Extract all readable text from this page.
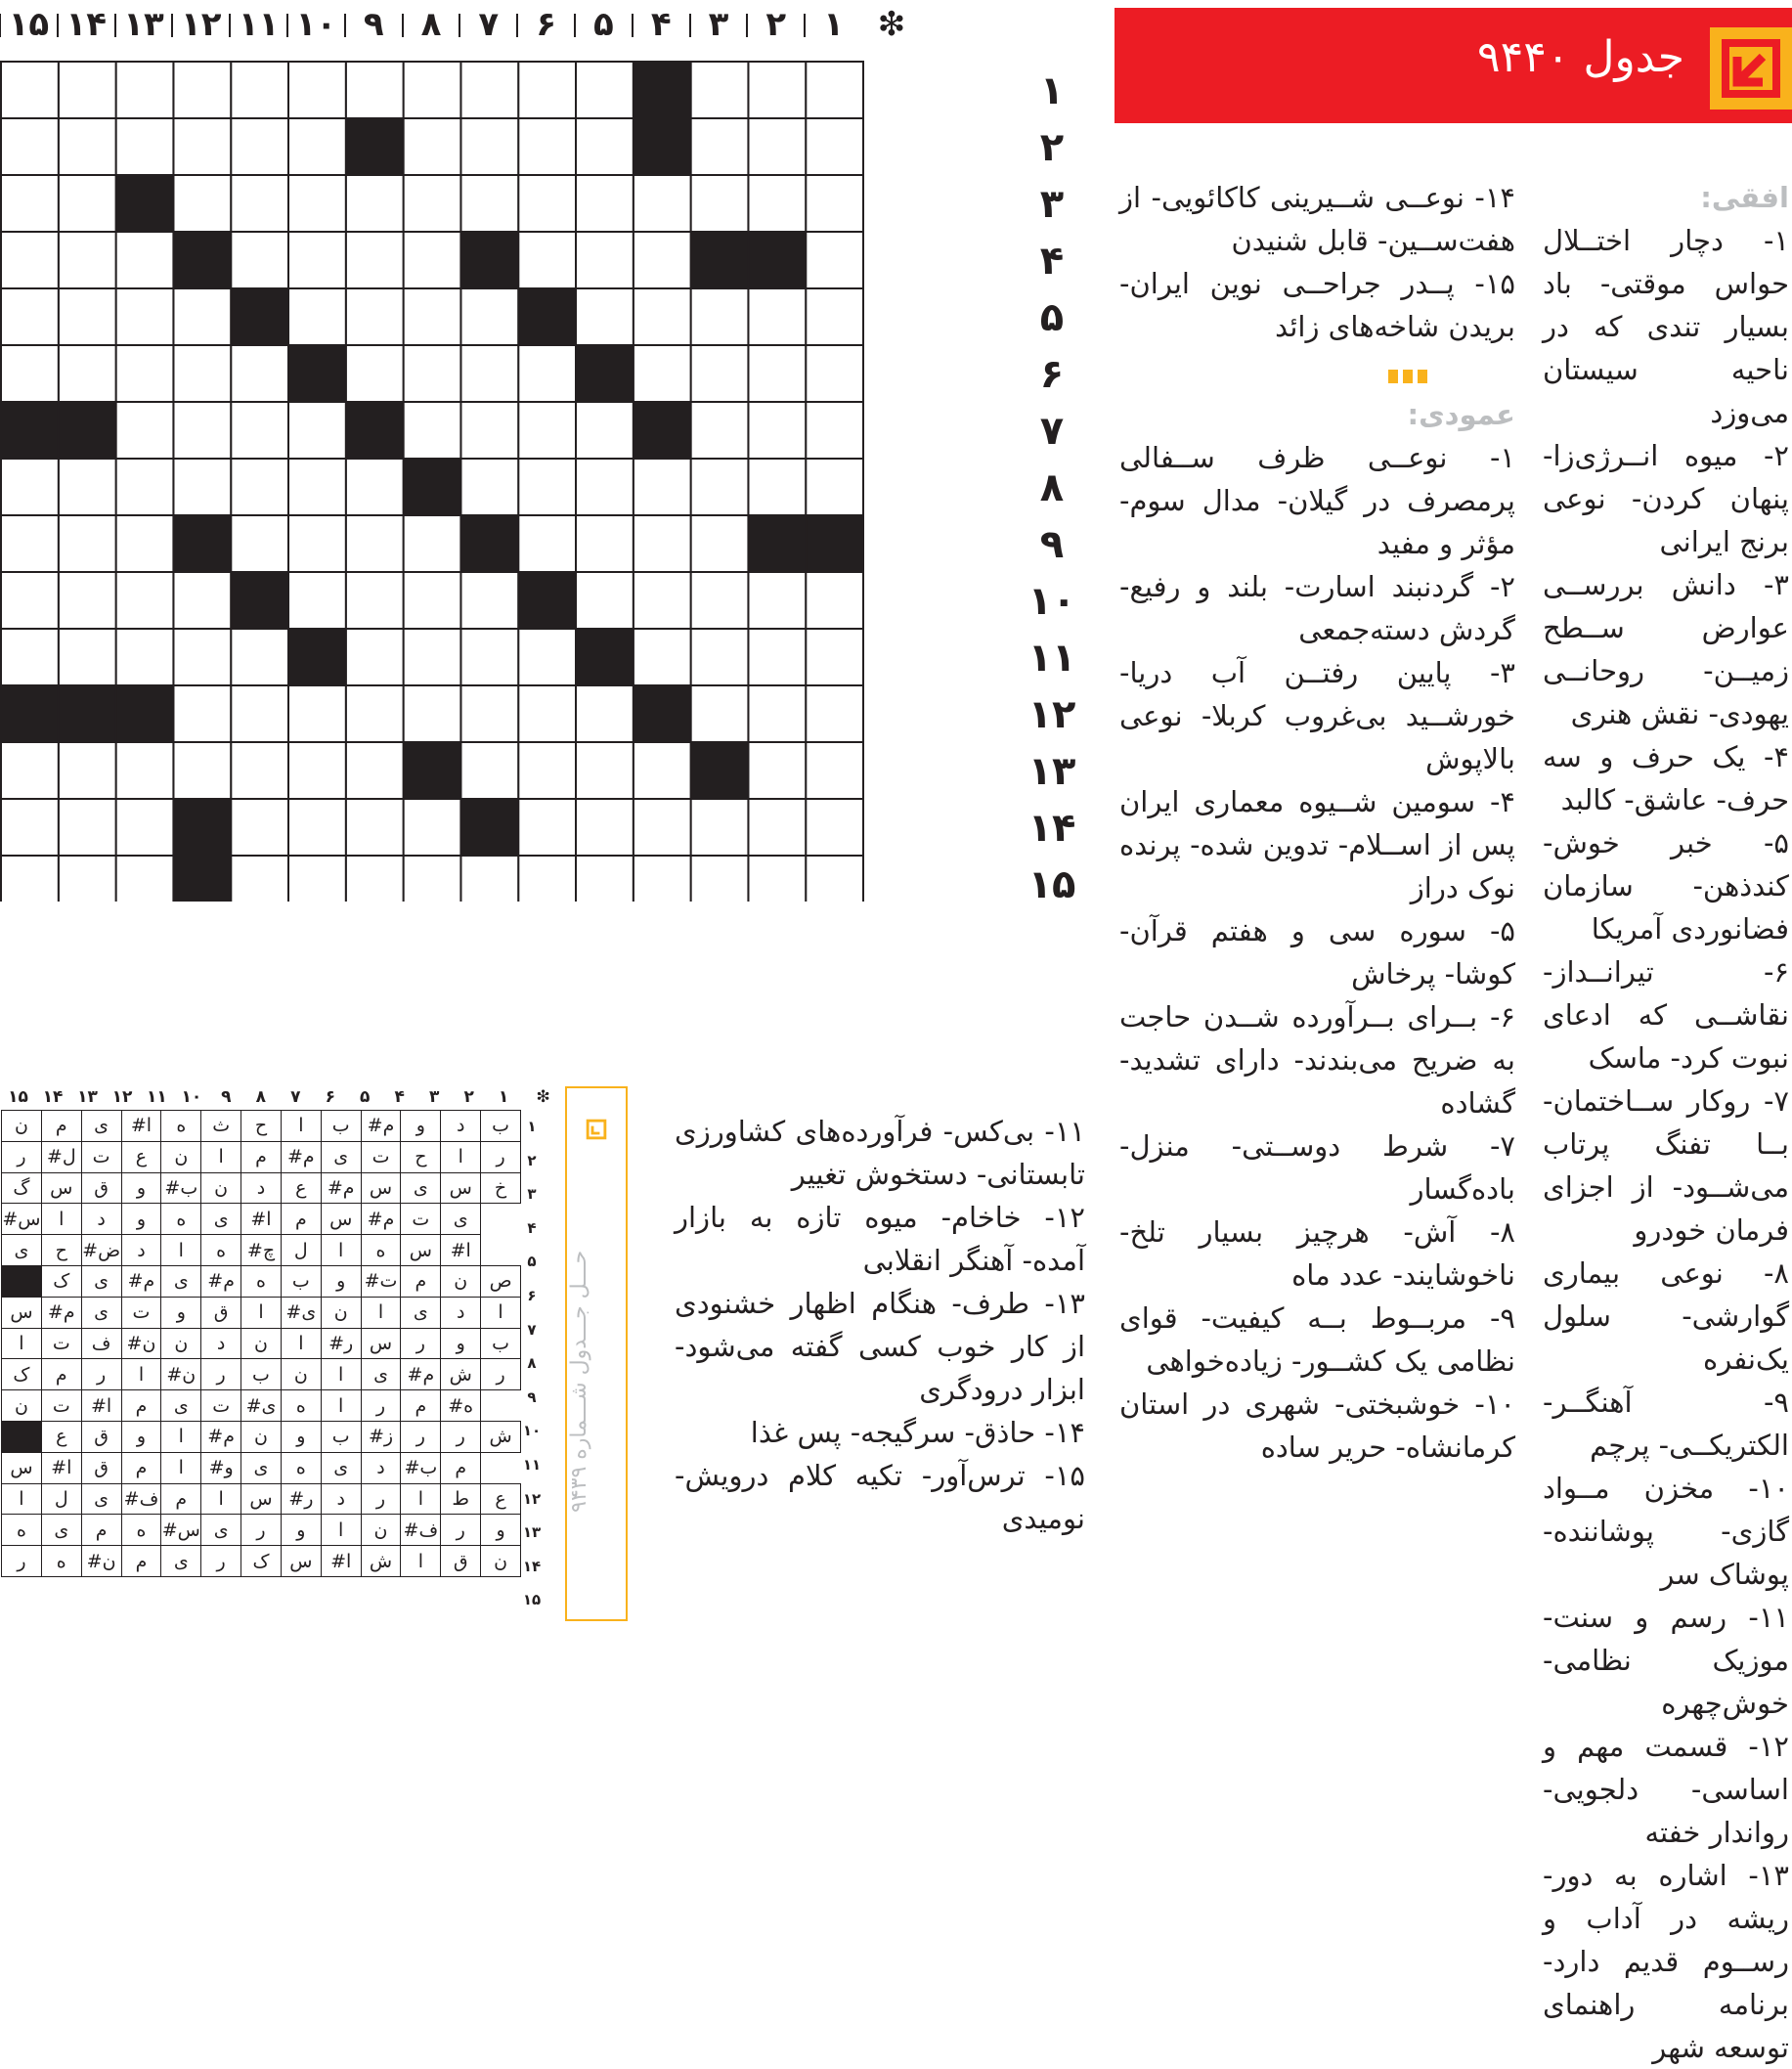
❇
۱
۲
۳
۴
۵
۶
۷
۸
۹
۱۰
۱۱
۱۲
۱۳
۱۴
۱۵
۱
۲
۳
۴
۵
۶
۷
۸
۹
۱۰
۱۱
۱۲
۱۳
۱۴
۱۵
جدول ۹۴۴۰

افقی:

۱- دچار اختــلال حواس موقتی- باد بسیار تندی که در ناحیه سیستان می‌وزد

۲- میوه انــرژی‌زا- پنهان کردن- نوعی برنج ایرانی

۳- دانش بررســی عوارض ســطح زمیــن- روحانــی یهودی- نقش هنری

۴- یک حرف و سه حرف- عاشق- کالبد

۵- خبر خوش- کندذهن- سازمان فضانوردی آمریکا

۶- تیرانــداز- نقاشــی که ادعای نبوت کرد- ماسک

۷- روکار ســاختمان- بــا تفنگ پرتاب می‌شــود- از اجزای فرمان خودرو

۸- نوعی بیماری گوارشی- سلول یک‌نفره

۹- آهنگــر- الکتریکــی- پرچم

۱۰- مخزن مــواد گازی- پوشاننده- پوشاک سر

۱۱- رسم و سنت- موزیک نظامی- خوش‌چهره

۱۲- قسمت مهم و اساسی- دلجویی- رواندار خفته

۱۳- اشاره به دور- ریشه در آداب و رســوم قدیم دارد- برنامه راهنمای توسعه شهر

۱۴- نوعــی شــیرینی کاکائویی- از هفت‌ســین- قابل شنیدن

۱۵- پــدر جراحــی نوین ایران- بریدن شاخه‌های زائد

عمودی:

۱- نوعــی ظرف ســفالی پرمصرف در گیلان- مدال سوم- مؤثر و مفید

۲- گردنبند اسارت- بلند و رفیع- گردش دسته‌جمعی

۳- پایین رفتــن آب دریا- خورشــید بی‌غروب کربلا- نوعی بالاپوش

۴- سومین شــیوه معماری ایران پس از اســلام- تدوین شده- پرنده نوک دراز

۵- سوره سی و هفتم قرآن- کوشا- پرخاش

۶- بــرای بــرآورده شــدن حاجت به ضریح می‌بندند- دارای تشدید- گشاده

۷- شرط دوســتی- منزل- باده‌گسار

۸- آش- هرچیز بسیار تلخ- ناخوشایند- عدد ماه

۹- مربــوط بــه کیفیت- قوای نظامی یک کشــور- زیاده‌خواهی

۱۰- خوشبختی- شهری در استان کرمانشاه- حریر ساده

۱۱- بی‌کس- فرآورده‌های کشاورزی تابستانی- دستخوش تغییر

۱۲- خاخام- میوه تازه به بازار آمده- آهنگر انقلابی

۱۳- طرف- هنگام اظهار خشنودی از کار خوب کسی گفته می‌شود- ابزار درودگری

۱۴- حاذق- سرگیجه- پس غذا

۱۵- ترس‌آور- تکیه کلام درویش- نومیدی

۱
۲
۳
۴
۵
۶
۷
۸
۹
۱۰
۱۱
۱۲
۱۳
۱۴
۱۵	❇
ن	م	ی	#ا	ه	ث	ح	ا	ب	#م	و	د	ب
ر	#ل	ت	ع	ن	ا	م	#م	ی	ت	ح	ا	ر
گ	س	ق	و	#ب	ن	د	ع	#م	س	ی	س	خ
#س	ا	د	و	ه	ی	#ا	م	س	#م	ت	ی	
ی	ح	#ض	د	ا	ه	#چ	ل	ا	ه	س	#ا	
	ک	ی	#م	ی	#م	ه	ب	و	#ت	م	ن	ص
س	#م	ی	ت	و	ق	ا	#ی	ن	ا	ی	د	ا
ا	ت	ف	#ن	ن	د	ن	ا	#ر	س	ر	و	ب
ک	م	ر	ا	#ن	ر	ب	ن	ا	ی	#م	ش	ر
ن	ت	#ا	م	ی	ت	#ی	ه	ا	ر	م	#ه	
	ع	ق	و	ا	#م	ن	و	ب	#ز	ر	ر	ش
س	#ا	ق	م	ا	#و	ی	ه	ی	د	#ب	م	
ا	ل	ی	#ف	م	ا	س	#ر	د	ر	ا	ط	ع
ه	ی	م	ه	#س	ی	ر	و	ا	ن	#ف	ر	و
ر	ه	#ن	م	ی	ر	ک	س	#ا	ش	ا	ق	ن
۱
۲
۳
۴
۵
۶
۷
۸
۹
۱۰
۱۱
۱۲
۱۳
۱۴
۱۵
حـــل جـــدول شـــماره ۹۴۳۹
